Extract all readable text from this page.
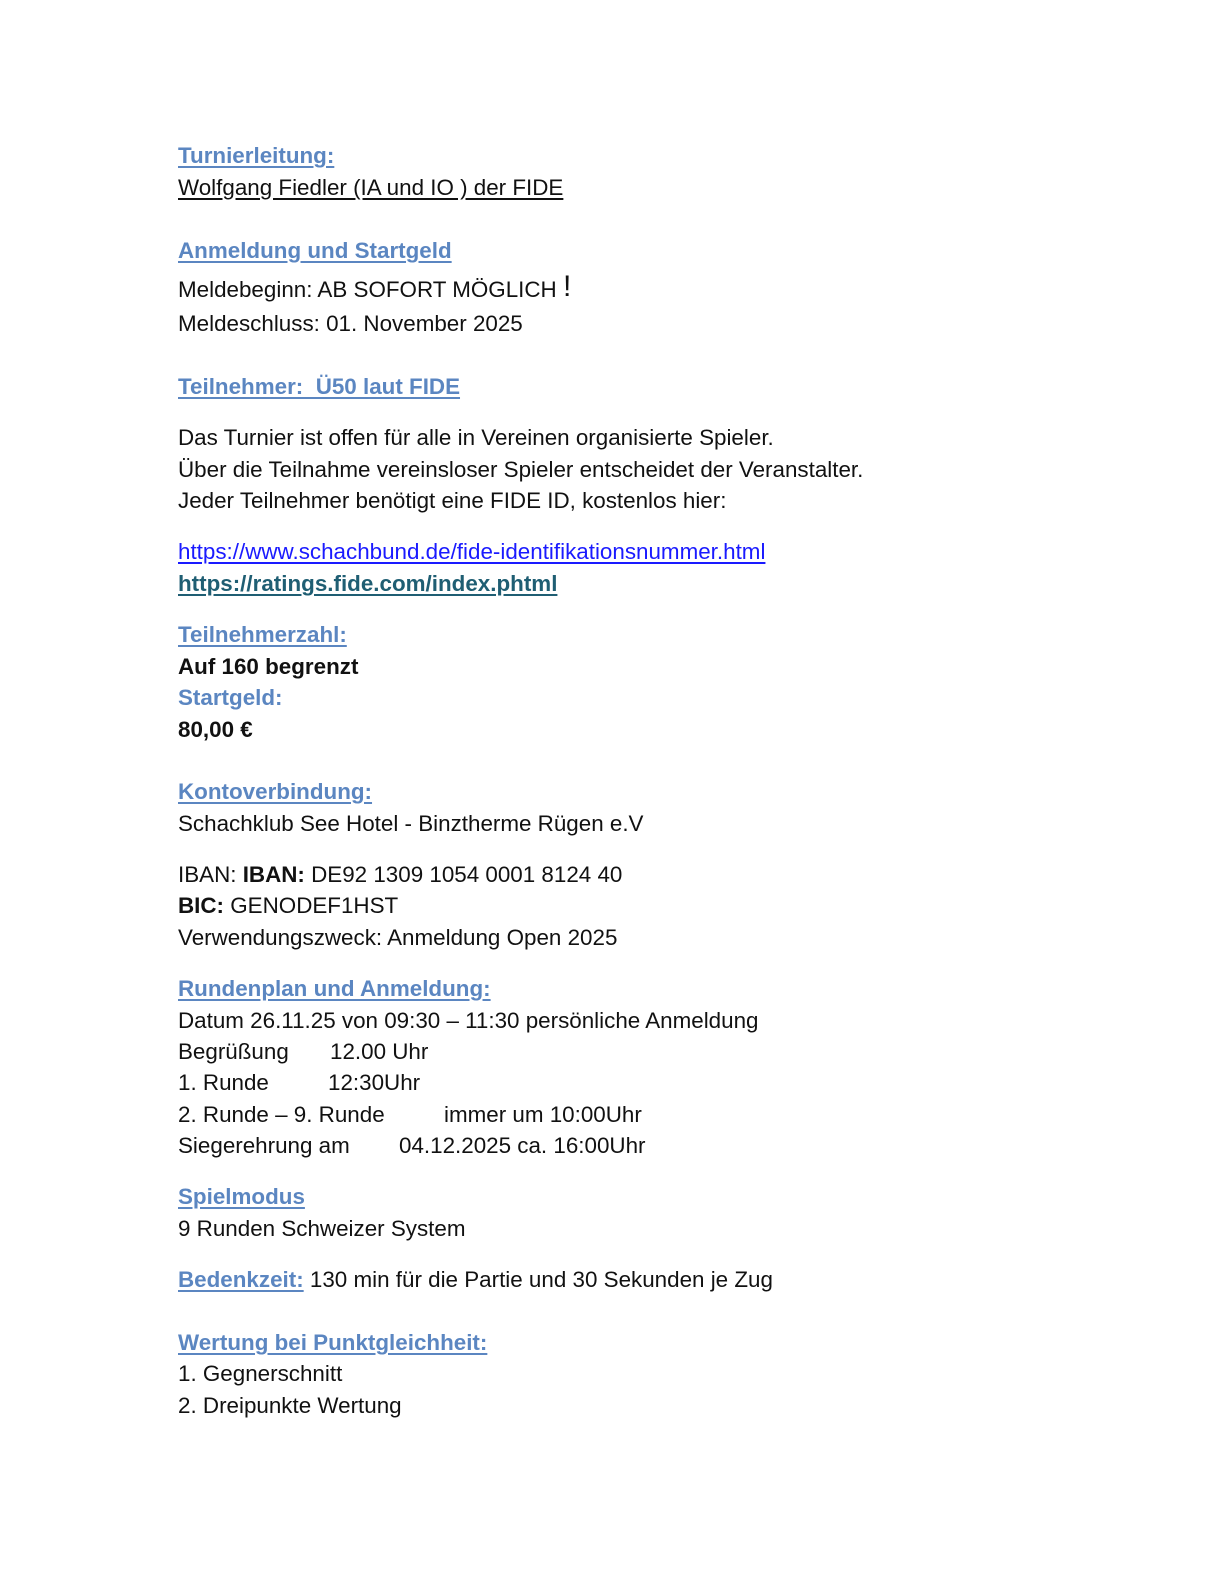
Turnierleitung:

Wolfgang Fiedler (IA und IO ) der FIDE

Anmeldung und Startgeld

Meldebeginn: AB SOFORT MÖGLICH !

Meldeschluss: 01. November 2025

Teilnehmer:  Ü50 laut FIDE

Das Turnier ist offen für alle in Vereinen organisierte Spieler.

Über die Teilnahme vereinsloser Spieler entscheidet der Veranstalter.

Jeder Teilnehmer benötigt eine FIDE ID, kostenlos hier:

https://www.schachbund.de/fide-identifikationsnummer.html
https://ratings.fide.com/index.phtml

Teilnehmerzahl:

Auf 160 begrenzt

Startgeld:

80,00 €

Kontoverbindung:

Schachklub See Hotel - Binztherme Rügen e.V

IBAN: IBAN: DE92 1309 1054 0001 8124 40

BIC: GENODEF1HST

Verwendungszweck: Anmeldung Open 2025

Rundenplan und Anmeldung:

Datum 26.11.25 von 09:30 – 11:30 persönliche Anmeldung

Begrüßung 12.00 Uhr

1. Runde	12:30Uhr

2. Runde – 9. Runde	immer um 10:00Uhr

Siegerehrung am 04.12.2025 ca. 16:00Uhr

Spielmodus

9 Runden Schweizer System

Bedenkzeit: 130 min für die Partie und 30 Sekunden je Zug

Wertung bei Punktgleichheit:

1. Gegnerschnitt

2. Dreipunkte Wertung
